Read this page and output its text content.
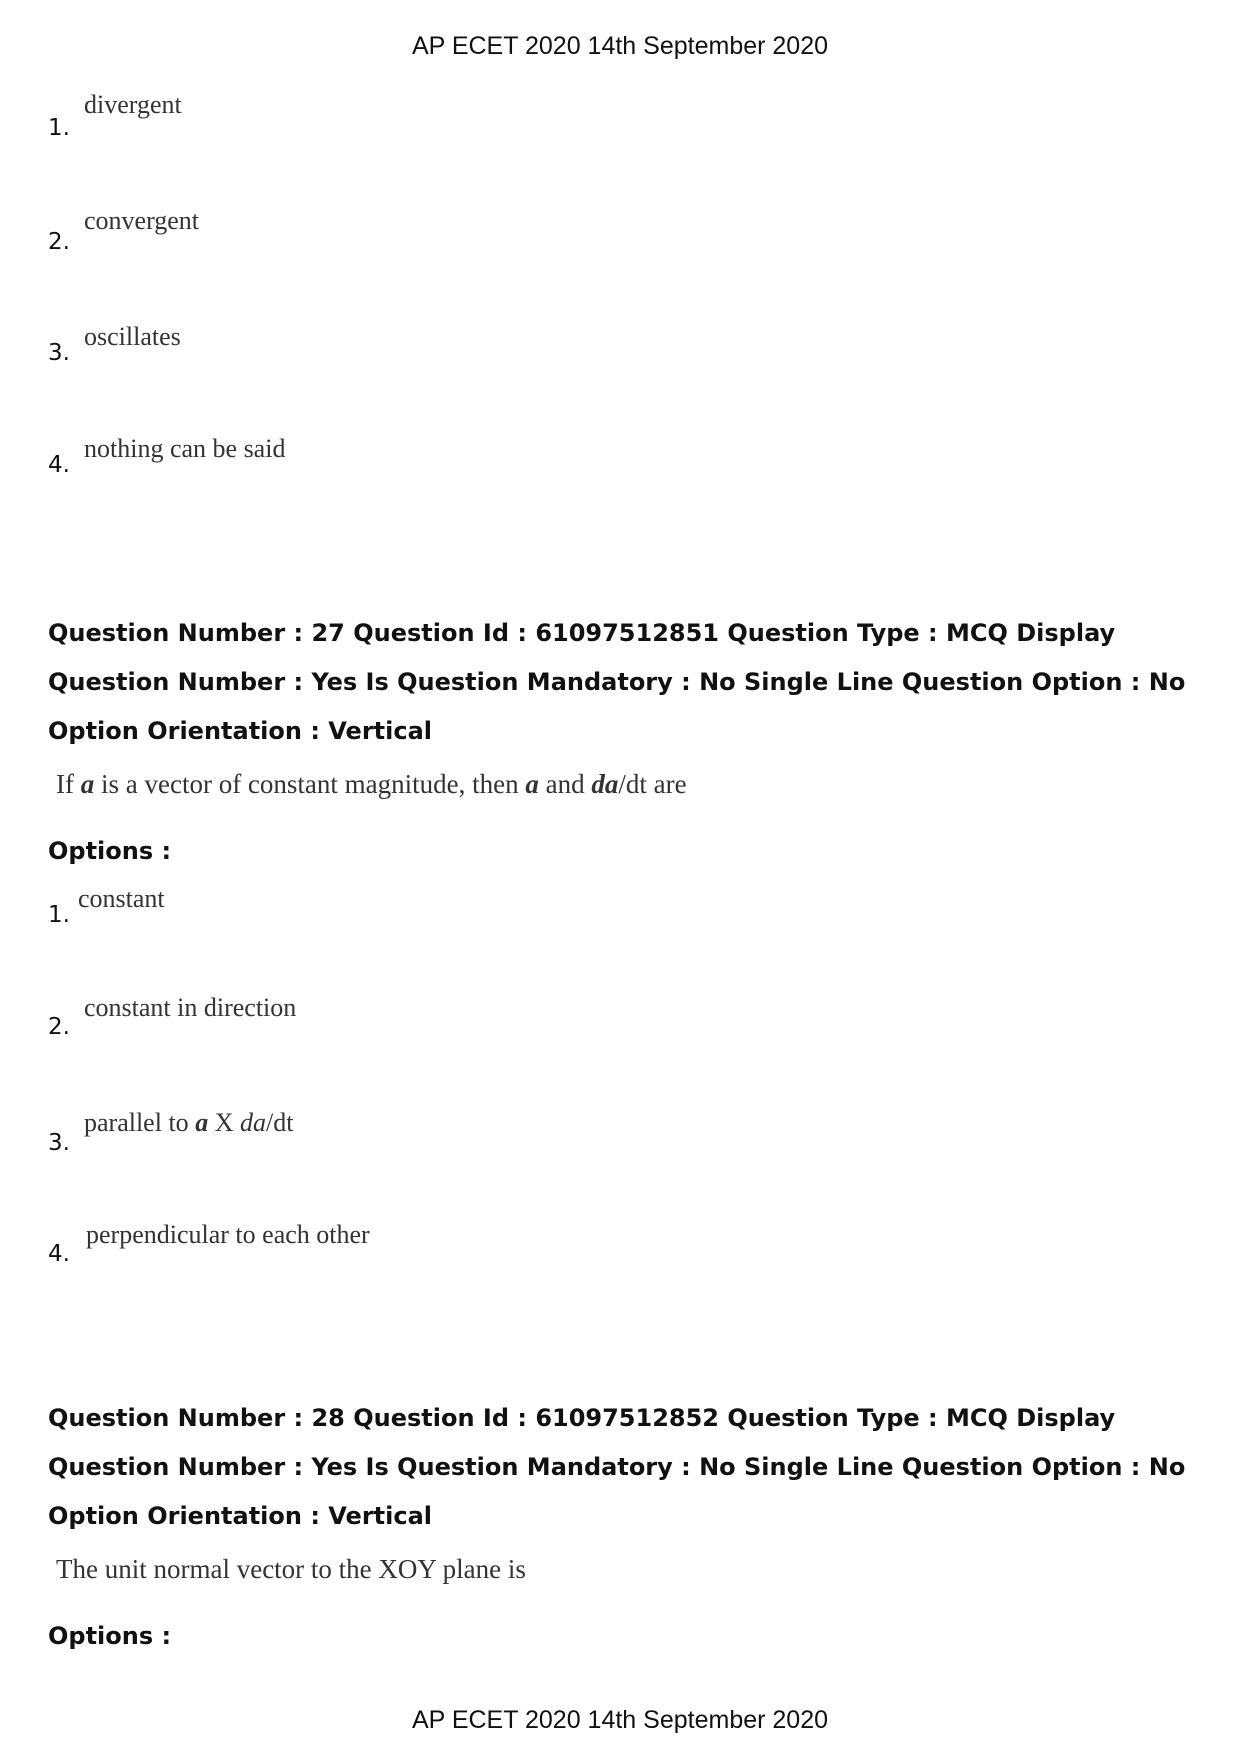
AP ECET 2020 14th September 2020
1.
divergent
2.
convergent
3.
oscillates
4.
nothing can be said
Question Number : 27 Question Id : 61097512851 Question Type : MCQ Display Question Number : Yes Is Question Mandatory : No Single Line Question Option : No Option Orientation : Vertical
If a is a vector of constant magnitude, then a and da/dt are
Options :
1.
constant
2.
constant in direction
3.
parallel to a X da/dt
4.
perpendicular to each other
Question Number : 28 Question Id : 61097512852 Question Type : MCQ Display Question Number : Yes Is Question Mandatory : No Single Line Question Option : No Option Orientation : Vertical
The unit normal vector to the XOY plane is
Options :
AP ECET 2020 14th September 2020
